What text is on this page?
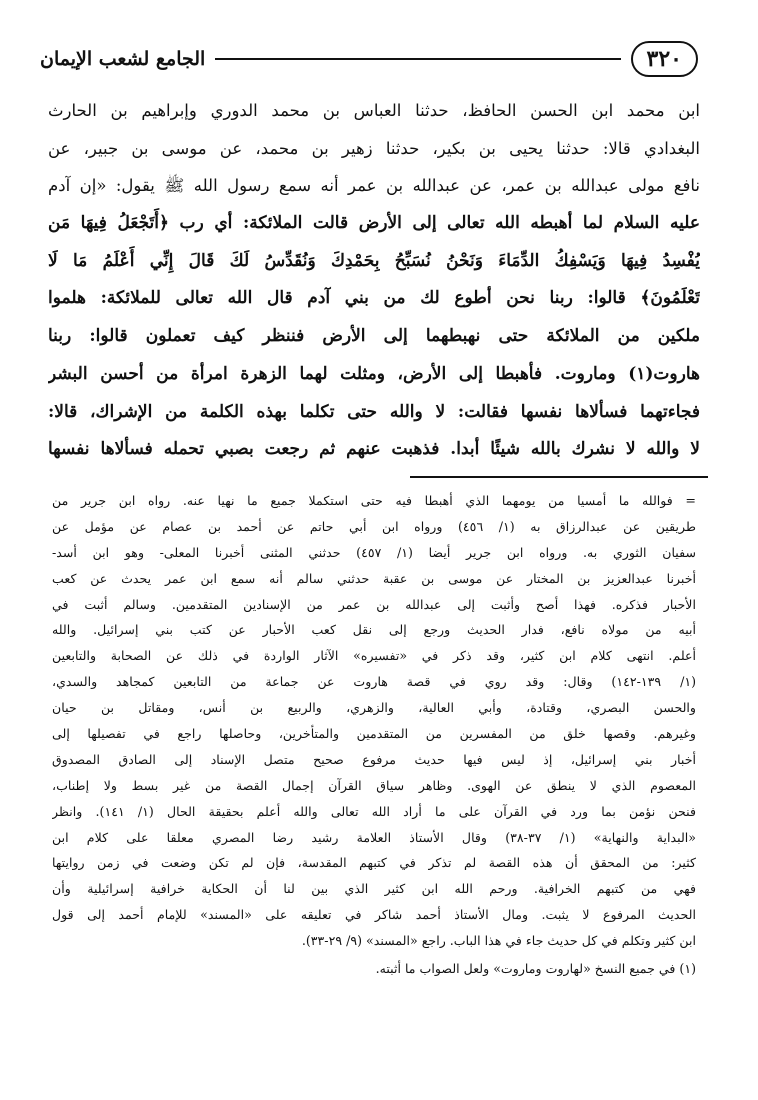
٣٢٠
الجامع لشعب الإيمان
ابن محمد ابن الحسن الحافظ، حدثنا العباس بن محمد الدوري وإبراهيم بن الحارث
البغدادي قالا: حدثنا يحيى بن بكير، حدثنا زهير بن محمد، عن موسى بن جبير، عن
نافع مولى عبدالله بن عمر، عن عبدالله بن عمر أنه سمع رسول الله ﷺ يقول: «إن آدم
عليه السلام لما أهبطه الله تعالى إلى الأرض قالت الملائكة: أي رب ﴿أَتَجْعَلُ فِيهَا مَن
يُفْسِدُ فِيهَا وَيَسْفِكُ الدِّمَاءَ وَنَحْنُ نُسَبِّحُ بِحَمْدِكَ وَنُقَدِّسُ لَكَ قَالَ إِنِّي أَعْلَمُ مَا لَا
تَعْلَمُونَ﴾ قالوا: ربنا نحن أطوع لك من بني آدم قال الله تعالى للملائكة: هلموا
ملكين من الملائكة حتى نهبطهما إلى الأرض فننظر كيف تعملون قالوا: ربنا
هاروت(١) وماروت. فأهبطا إلى الأرض، ومثلت لهما الزهرة امرأة من أحسن البشر
فجاءتهما فسألاها نفسها فقالت: لا والله حتى تكلما بهذه الكلمة من الإشراك، قالا:
لا والله لا نشرك بالله شيئًا أبدا. فذهبت عنهم ثم رجعت بصبي تحمله فسألاها نفسها
= فوالله ما أمسيا من يومهما الذي أهبطا فيه حتى استكملا جميع ما نهيا عنه. رواه ابن جرير من
طريقين عن عبدالرزاق به (١/ ٤٥٦) ورواه ابن أبي حاتم عن أحمد بن عصام عن مؤمل عن
سفيان الثوري به. ورواه ابن جرير أيضا (١/ ٤٥٧) حدثني المثنى أخبرنا المعلى- وهو ابن أسد-
أخبرنا عبدالعزيز بن المختار عن موسى بن عقبة حدثني سالم أنه سمع ابن عمر يحدث عن كعب
الأحبار فذكره. فهذا أصح وأثبت إلى عبدالله بن عمر من الإسنادين المتقدمين. وسالم أثبت في
أبيه من مولاه نافع، فدار الحديث ورجع إلى نقل كعب الأحبار عن كتب بني إسرائيل. والله
أعلم. انتهى كلام ابن كثير، وقد ذكر في «تفسيره» الآثار الواردة في ذلك عن الصحابة والتابعين
(١/ ١٣٩-١٤٢) وقال: وقد روي في قصة هاروت عن جماعة من التابعين كمجاهد والسدي،
والحسن البصري، وقتادة، وأبي العالية، والزهري، والربيع بن أنس، ومقاتل بن حيان
وغيرهم. وقصها خلق من المفسرين من المتقدمين والمتأخرين، وحاصلها راجع في تفصيلها إلى
أخبار بني إسرائيل، إذ ليس فيها حديث مرفوع صحيح متصل الإسناد إلى الصادق المصدوق
المعصوم الذي لا ينطق عن الهوى. وظاهر سياق القرآن إجمال القصة من غير بسط ولا إطناب،
فنحن نؤمن بما ورد في القرآن على ما أراد الله تعالى والله أعلم بحقيقة الحال (١/ ١٤١). وانظر
«البداية والنهاية» (١/ ٣٧-٣٨) وقال الأستاذ العلامة رشيد رضا المصري معلقا على كلام ابن
كثير: من المحقق أن هذه القصة لم تذكر في كتبهم المقدسة، فإن لم تكن وضعت في زمن روايتها
فهي من كتبهم الخرافية. ورحم الله ابن كثير الذي بين لنا أن الحكاية خرافية إسرائيلية وأن
الحديث المرفوع لا يثبت. ومال الأستاذ أحمد شاكر في تعليقه على «المسند» للإمام أحمد إلى قول
ابن كثير وتكلم في كل حديث جاء في هذا الباب. راجع «المسند» (٩/ ٢٩-٣٣).
(١) في جميع النسخ «لهاروت وماروت» ولعل الصواب ما أثبته.
